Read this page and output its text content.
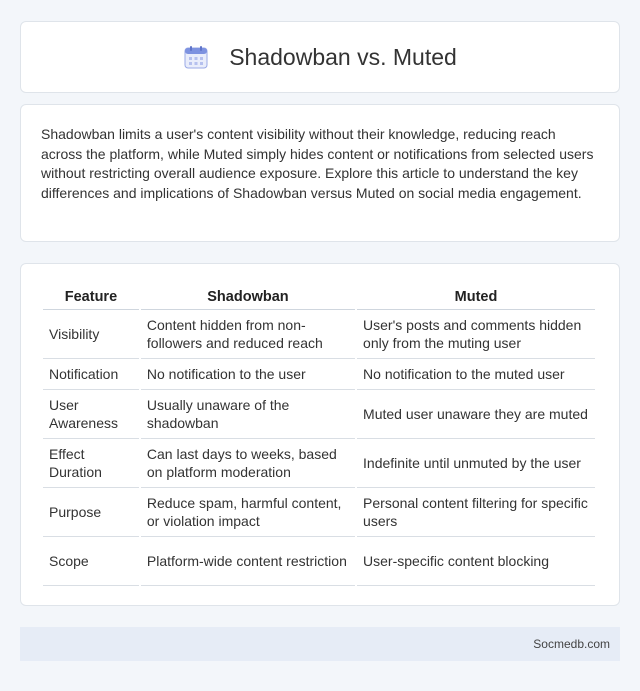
Shadowban vs. Muted

Shadowban limits a user's content visibility without their knowledge, reducing reach across the platform, while Muted simply hides content or notifications from selected users without restricting overall audience exposure. Explore this article to understand the key differences and implications of Shadowban versus Muted on social media engagement.

Feature	Shadowban	Muted
Visibility	Content hidden from non-followers and reduced reach	User's posts and comments hidden only from the muting user
Notification	No notification to the user	No notification to the muted user
User Awareness	Usually unaware of the shadowban	Muted user unaware they are muted
Effect Duration	Can last days to weeks, based on platform moderation	Indefinite until unmuted by the user
Purpose	Reduce spam, harmful content, or violation impact	Personal content filtering for specific users
Scope	Platform-wide content restriction	User-specific content blocking
Socmedb.com
